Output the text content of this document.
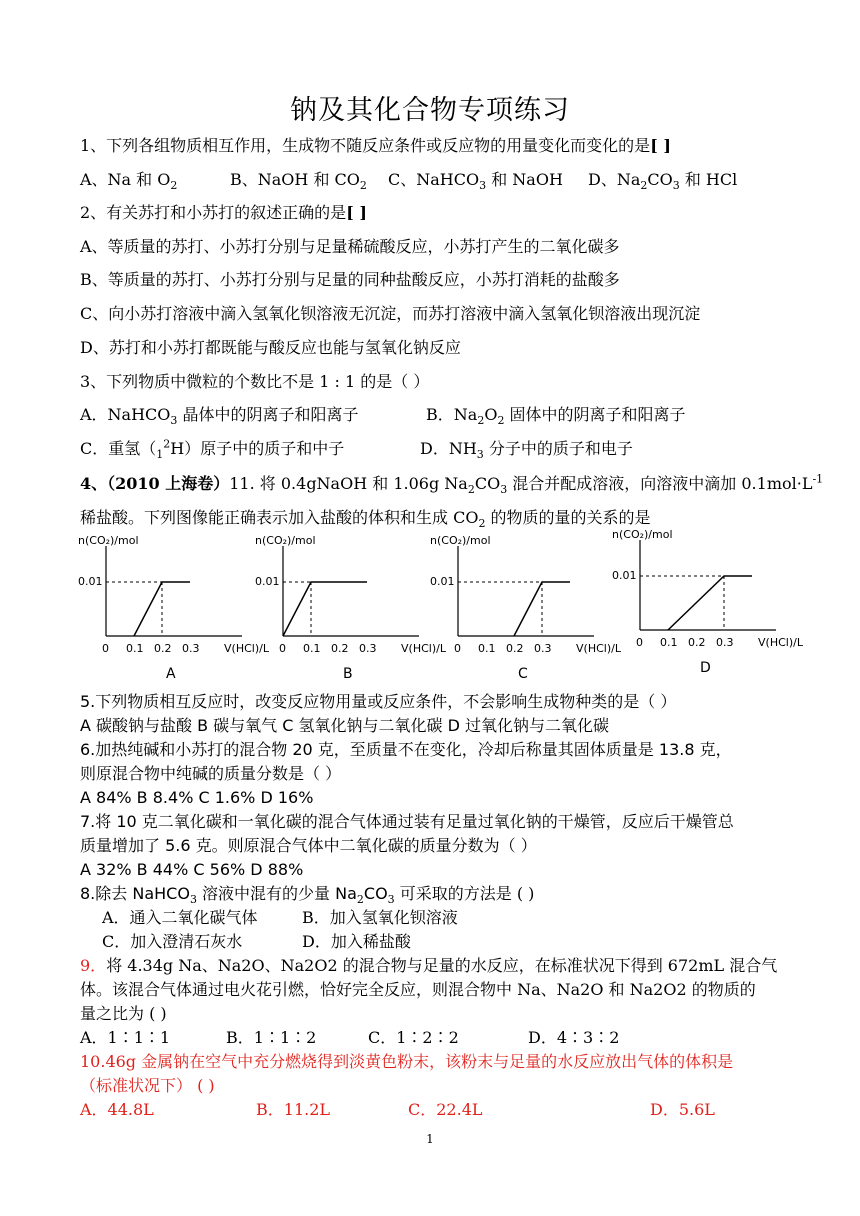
钠及其化合物专项练习
1、下列各组物质相互作用，生成物不随反应条件或反应物的用量变化而变化的是[ ]
A、Na 和 $O_2$	B、NaOH 和 $CO_2$ C、NaHCO$_3$ 和 NaOH D、$Na_2CO_3$ 和 HCl
2、有关苏打和小苏打的叙述正确的是[ ]
A、等质量的苏打、小苏打分别与足量稀硫酸反应，小苏打产生的二氧化碳多
B、等质量的苏打、小苏打分别与足量的同种盐酸反应，小苏打消耗的盐酸多
C、向小苏打溶液中滴入氢氧化钡溶液无沉淀，而苏打溶液中滴入氢氧化钡溶液出现沉淀
D、苏打和小苏打都既能与酸反应也能与氢氧化钠反应
3、下列物质中微粒的个数比不是 1 : 1 的是（ ）
A．NaHCO$_3$ 晶体中的阴离子和阳离子	B．$Na_2O_2$ 固体中的阴离子和阳离子
C．重氢$(_1^2H)$原子中的质子和中子	D．$NH_3$ 分子中的质子和电子
4、（2010 上海卷）11. 将 0.4gNaOH 和 1.06g $Na_2CO_3$ 混合并配成溶液，向溶液中滴加 $0.1mol\cdot L^{-1}$
稀盐酸。下列图像能正确表示加入盐酸的体积和生成 $CO_2$ 的物质的量的关系的是
n(CO₂)/mol
0.01
0 0.1 0.2 0.3 V(HCl)/L
A
n(CO₂)/mol
0.01
0 0.1 0.2 0.3 V(HCl)/L
B
n(CO₂)/mol
0.01
0 0.1 0.2 0.3 V(HCl)/L
C
n(CO₂)/mol
0.01
0 0.1 0.2 0.3 V(HCl)/L
D
5.下列物质相互反应时，改变反应物用量或反应条件，不会影响生成物种类的是（ ）
A 碳酸钠与盐酸 B 碳与氧气 C 氢氧化钠与二氧化碳 D 过氧化钠与二氧化碳
6.加热纯碱和小苏打的混合物 20 克，至质量不在变化，冷却后称量其固体质量是 13.8 克，
则原混合物中纯碱的质量分数是（ ）
A 84% B 8.4% C 1.6% D 16%
7.将 10 克二氧化碳和一氧化碳的混合气体通过装有足量过氧化钠的干燥管，反应后干燥管总
质量增加了 5.6 克。则原混合气体中二氧化碳的质量分数为（ ）
A 32% B 44% C 56% D 88%
8.除去 NaHCO$_3$ 溶液中混有的少量 $Na_2CO_3$ 可采取的方法是 ( )
A．通入二氧化碳气体	B．加入氢氧化钡溶液
C．加入澄清石灰水	D．加入稀盐酸
9．将 4.34g Na、Na2O、Na2O2 的混合物与足量的水反应，在标准状况下得到 672mL 混合气
体。该混合气体通过电火花引燃，恰好完全反应，则混合物中 Na、Na2O 和 Na2O2 的物质的
量之比为 ( )
A．1∶1∶1	B．1∶1∶2	C．1∶2∶2	D．4∶3∶2
10.46g 金属钠在空气中充分燃烧得到淡黄色粉末，该粉末与足量的水反应放出气体的体积是
（标准状况下） ( )
A．44.8L	B．11.2L	C．22.4L	D．5.6L
1
